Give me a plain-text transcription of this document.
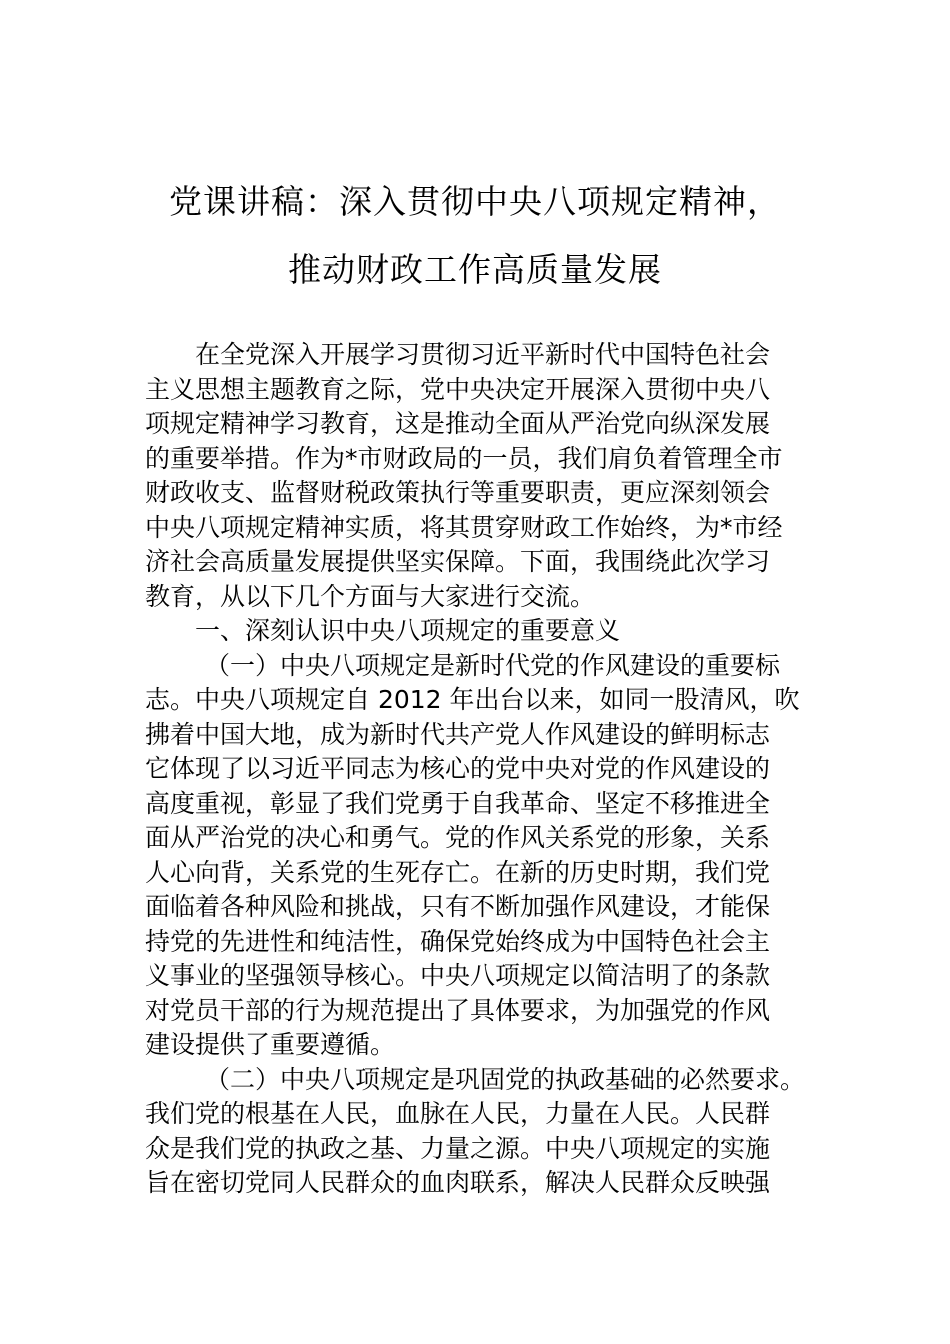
党课讲稿：深入贯彻中央八项规定精神，
推动财政工作高质量发展
在全党深入开展学习贯彻习近平新时代中国特色社会
主义思想主题教育之际，党中央决定开展深入贯彻中央八
项规定精神学习教育，这是推动全面从严治党向纵深发展
的重要举措。作为*市财政局的一员，我们肩负着管理全市
财政收支、监督财税政策执行等重要职责，更应深刻领会
中央八项规定精神实质，将其贯穿财政工作始终，为*市经
济社会高质量发展提供坚实保障。下面，我围绕此次学习
教育，从以下几个方面与大家进行交流。
一、深刻认识中央八项规定的重要意义
（一）中央八项规定是新时代党的作风建设的重要标
志。中央八项规定自 2012 年出台以来，如同一股清风，吹
拂着中国大地，成为新时代共产党人作风建设的鲜明标志
它体现了以习近平同志为核心的党中央对党的作风建设的
高度重视，彰显了我们党勇于自我革命、坚定不移推进全
面从严治党的决心和勇气。党的作风关系党的形象，关系
人心向背，关系党的生死存亡。在新的历史时期，我们党
面临着各种风险和挑战，只有不断加强作风建设，才能保
持党的先进性和纯洁性，确保党始终成为中国特色社会主
义事业的坚强领导核心。中央八项规定以简洁明了的条款
对党员干部的行为规范提出了具体要求，为加强党的作风
建设提供了重要遵循。
（二）中央八项规定是巩固党的执政基础的必然要求。
我们党的根基在人民，血脉在人民，力量在人民。人民群
众是我们党的执政之基、力量之源。中央八项规定的实施
旨在密切党同人民群众的血肉联系，解决人民群众反映强
